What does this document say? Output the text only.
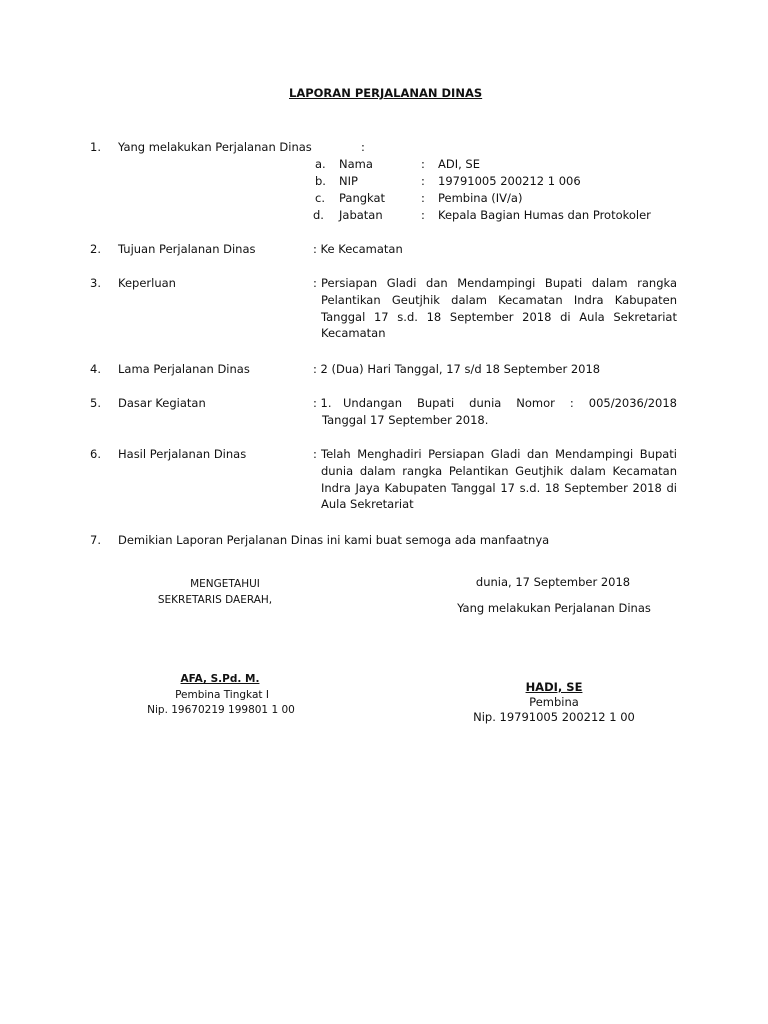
LAPORAN PERJALANAN DINAS
1. Yang melakukan Perjalanan Dinas	:
a. Nama	: ADI, SE
b. NIP	: 19791005 200212 1 006
c. Pangkat	: Pembina (IV/a)
d. Jabatan	: Kepala Bagian Humas dan Protokoler
2. Tujuan Perjalanan Dinas	: Ke Kecamatan
3. Keperluan	: Persiapan Gladi dan Mendampingi Bupati dalam rangka Pelantikan Geutjhik dalam Kecamatan Indra Kabupaten Tanggal 17 s.d. 18 September 2018 di Aula Sekretariat Kecamatan
4. Lama Perjalanan Dinas	: 2 (Dua) Hari Tanggal, 17 s/d 18 September 2018
5. Dasar Kegiatan	: 1. Undangan Bupati dunia Nomor : 005/2036/2018
Tanggal 17 September 2018.
6. Hasil Perjalanan Dinas	: Telah Menghadiri Persiapan Gladi dan Mendampingi Bupati dunia dalam rangka Pelantikan Geutjhik dalam Kecamatan Indra Jaya Kabupaten Tanggal 17 s.d. 18 September 2018 di Aula Sekretariat
7. Demikian Laporan Perjalanan Dinas ini kami buat semoga ada manfaatnya
MENGETAHUI
SEKRETARIS DAERAH,
AFA, S.Pd. M.
Pembina Tingkat I
Nip. 19670219 199801 1 00
dunia, 17 September 2018
Yang melakukan Perjalanan Dinas
HADI, SE
Pembina
Nip. 19791005 200212 1 00
